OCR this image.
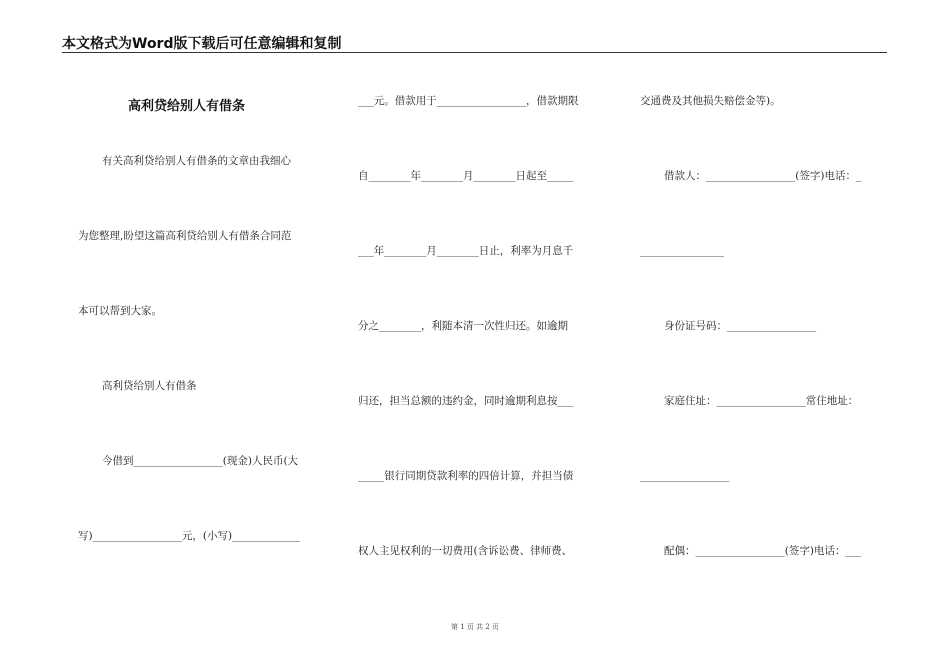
本文格式为Word版下载后可任意编辑和复制
高利贷给别人有借条
有关高利贷给别人有借条的文章由我细心
为您整理,盼望这篇高利贷给别人有借条合同范
本可以帮到大家。
高利贷给别人有借条
今借到_________________(现金)人民币(大
写)_________________元，(小写)_____________
___元。借款用于_________________，借款期限
自________年________月________日起至_____
___年________月________日止，利率为月息千
分之________，利随本清一次性归还。如逾期
归还，担当总额的违约金，同时逾期利息按___
_____银行同期贷款利率的四倍计算，并担当债
权人主见权利的一切费用(含诉讼费、律师费、
交通费及其他损失赔偿金等)。
借款人：_________________(签字)电话：_
________________
身份证号码：_________________
家庭住址：_________________常住地址：
_________________
配偶：_________________(签字)电话：___
第 1 页 共 2 页
